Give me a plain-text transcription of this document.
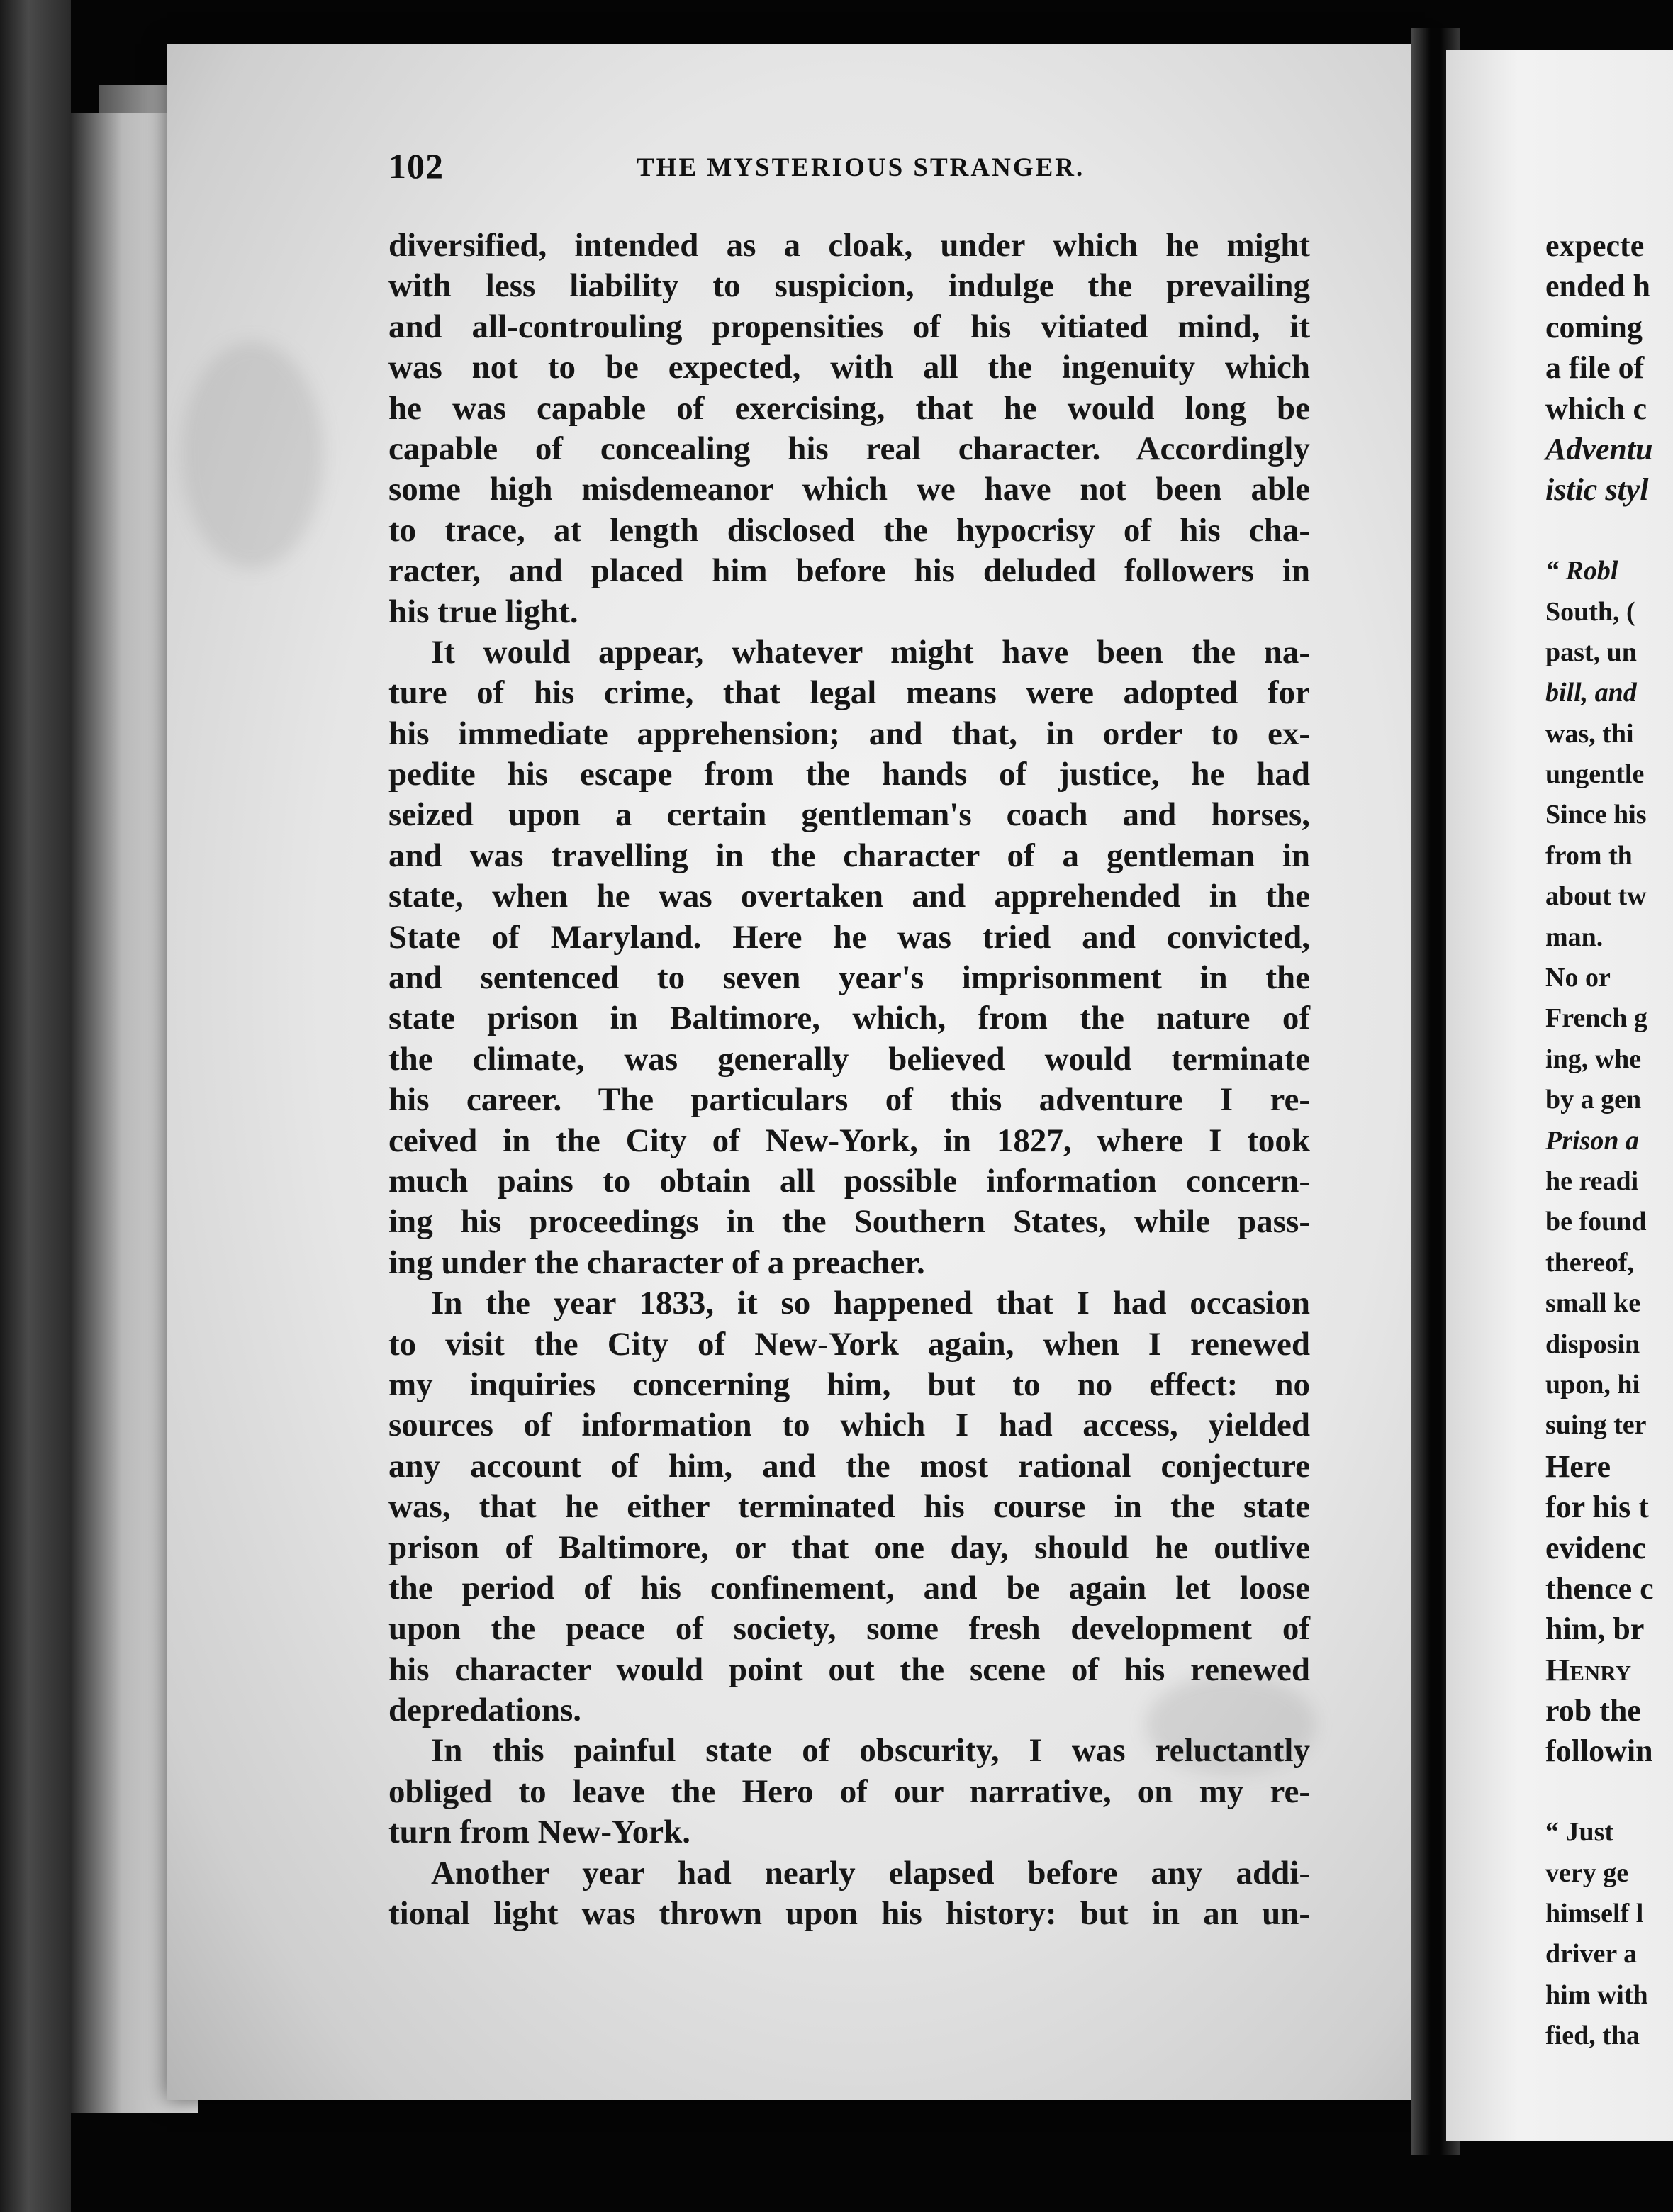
102	THE MYSTERIOUS STRANGER.
diversified, intended as a cloak, under which he might
with less liability to suspicion, indulge the prevailing
and all-controuling propensities of his vitiated mind, it
was not to be expected, with all the ingenuity which
he was capable of exercising, that he would long be
capable of concealing his real character. Accordingly
some high misdemeanor which we have not been able
to trace, at length disclosed the hypocrisy of his cha-
racter, and placed him before his deluded followers in
his true light.
It would appear, whatever might have been the na-
ture of his crime, that legal means were adopted for
his immediate apprehension; and that, in order to ex-
pedite his escape from the hands of justice, he had
seized upon a certain gentleman's coach and horses,
and was travelling in the character of a gentleman in
state, when he was overtaken and apprehended in the
State of Maryland. Here he was tried and convicted,
and sentenced to seven year's imprisonment in the
state prison in Baltimore, which, from the nature of
the climate, was generally believed would terminate
his career. The particulars of this adventure I re-
ceived in the City of New-York, in 1827, where I took
much pains to obtain all possible information concern-
ing his proceedings in the Southern States, while pass-
ing under the character of a preacher.
In the year 1833, it so happened that I had occasion
to visit the City of New-York again, when I renewed
my inquiries concerning him, but to no effect: no
sources of information to which I had access, yielded
any account of him, and the most rational conjecture
was, that he either terminated his course in the state
prison of Baltimore, or that one day, should he outlive
the period of his confinement, and be again let loose
upon the peace of society, some fresh development of
his character would point out the scene of his renewed
depredations.
In this painful state of obscurity, I was reluctantly
obliged to leave the Hero of our narrative, on my re-
turn from New-York.
Another year had nearly elapsed before any addi-
tional light was thrown upon his history: but in an un-
expecte
ended h
coming
a file of
which c
Adventu
istic styl
“ Robl
South, (
past, un
bill, and
was, thi
ungentle
Since his
from th
about tw
man.
No or
French g
ing, whe
by a gen
Prison a
he readi
be found
thereof,
small ke
disposin
upon, hi
suing ter
Here
for his t
evidenc
thence c
him, br
Henry
rob the
followin
“ Just
very ge
himself l
driver a
him with
fied, tha
